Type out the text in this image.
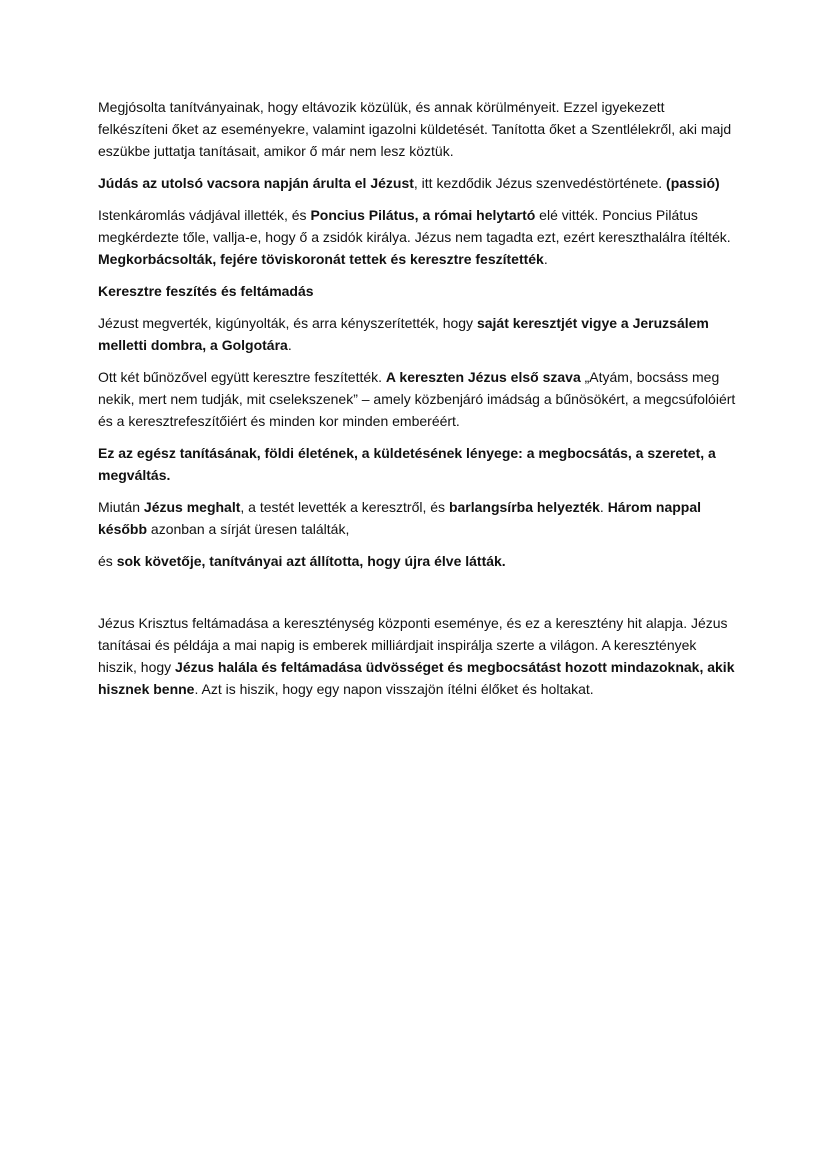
Megjósolta tanítványainak, hogy eltávozik közülük, és annak körülményeit. Ezzel igyekezett felkészíteni őket az eseményekre, valamint igazolni küldetését. Tanította őket a Szentlélekről, aki majd eszükbe juttatja tanításait, amikor ő már nem lesz köztük.

Júdás az utolsó vacsora napján árulta el Jézust, itt kezdődik Jézus szenvedéstörténete. (passió)

Istenkáromlás vádjával illették, és Poncius Pilátus, a római helytartó elé vitték. Poncius Pilátus megkérdezte tőle, vallja-e, hogy ő a zsidók királya. Jézus nem tagadta ezt, ezért kereszthalálra ítélték. Megkorbácsolták, fejére töviskoronát tettek és keresztre feszítették.

Keresztre feszítés és feltámadás

Jézust megverték, kigúnyolták, és arra kényszerítették, hogy saját keresztjét vigye a Jeruzsálem melletti dombra, a Golgotára.

Ott két bűnözővel együtt keresztre feszítették. A kereszten Jézus első szava „Atyám, bocsáss meg nekik, mert nem tudják, mit cselekszenek” – amely közbenjáró imádság a bűnösökért, a megcsúfolóiért és a keresztrefeszítőiért és minden kor minden emberéért.

Ez az egész tanításának, földi életének, a küldetésének lényege: a megbocsátás, a szeretet, a megváltás.

Miután Jézus meghalt, a testét levették a keresztről, és barlangsírba helyezték. Három nappal később azonban a sírját üresen találták,

és sok követője, tanítványai azt állította, hogy újra élve látták.

Jézus Krisztus feltámadása a kereszténység központi eseménye, és ez a keresztény hit alapja. Jézus tanításai és példája a mai napig is emberek milliárdjait inspirálja szerte a világon. A keresztények hiszik, hogy Jézus halála és feltámadása üdvösséget és megbocsátást hozott mindazoknak, akik hisznek benne. Azt is hiszik, hogy egy napon visszajön ítélni élőket és holtakat.
